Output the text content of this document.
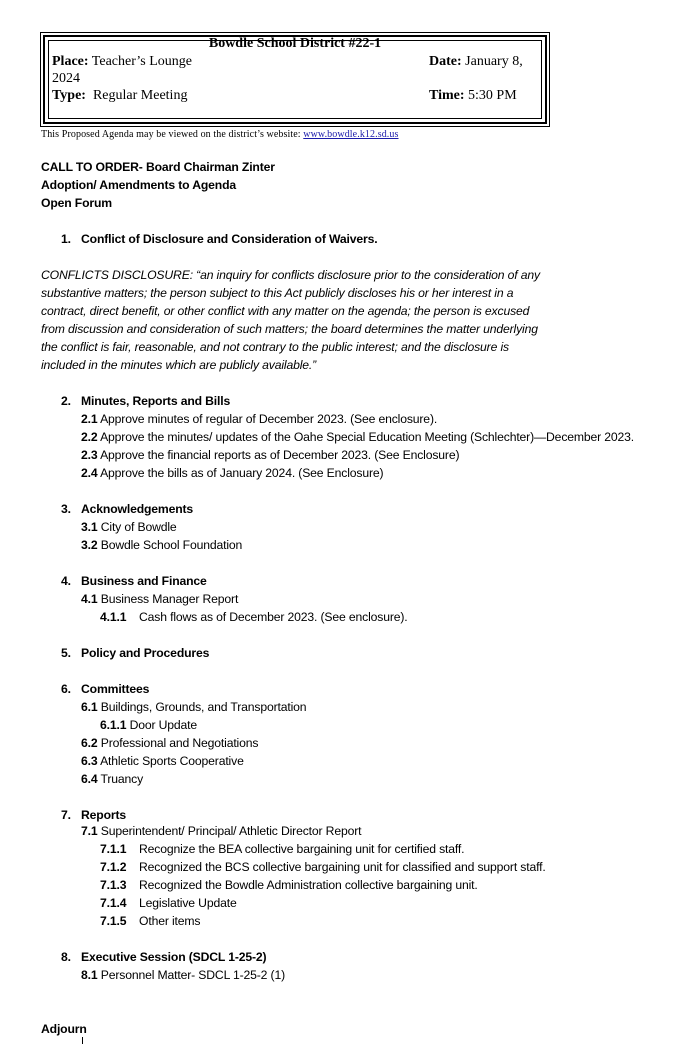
Bowdle School District #22-1
Place: Teacher’s Lounge	Date: January 8,
2024
Type: Regular Meeting	Time: 5:30 PM
This Proposed Agenda may be viewed on the district’s website: www.bowdle.k12.sd.us
CALL TO ORDER- Board Chairman Zinter
Adoption/ Amendments to Agenda
Open Forum
1. Conflict of Disclosure and Consideration of Waivers.
CONFLICTS DISCLOSURE: “an inquiry for conflicts disclosure prior to the consideration of any
substantive matters; the person subject to this Act publicly discloses his or her interest in a
contract, direct benefit, or other conflict with any matter on the agenda; the person is excused
from discussion and consideration of such matters; the board determines the matter underlying
the conflict is fair, reasonable, and not contrary to the public interest; and the disclosure is
included in the minutes which are publicly available.”
2. Minutes, Reports and Bills
2.1 Approve minutes of regular of December 2023. (See enclosure).
2.2 Approve the minutes/ updates of the Oahe Special Education Meeting (Schlechter)—December 2023.
2.3 Approve the financial reports as of December 2023. (See Enclosure)
2.4 Approve the bills as of January 2024. (See Enclosure)
3. Acknowledgements
3.1 City of Bowdle
3.2 Bowdle School Foundation
4. Business and Finance
4.1 Business Manager Report
4.1.1 Cash flows as of December 2023. (See enclosure).
5. Policy and Procedures
6. Committees
6.1 Buildings, Grounds, and Transportation
6.1.1 Door Update
6.2 Professional and Negotiations
6.3 Athletic Sports Cooperative
6.4 Truancy
7. Reports
7.1 Superintendent/ Principal/ Athletic Director Report
7.1.1 Recognize the BEA collective bargaining unit for certified staff.
7.1.2 Recognized the BCS collective bargaining unit for classified and support staff.
7.1.3 Recognized the Bowdle Administration collective bargaining unit.
7.1.4 Legislative Update
7.1.5 Other items
8. Executive Session (SDCL 1-25-2)
8.1 Personnel Matter- SDCL 1-25-2 (1)
Adjourn
